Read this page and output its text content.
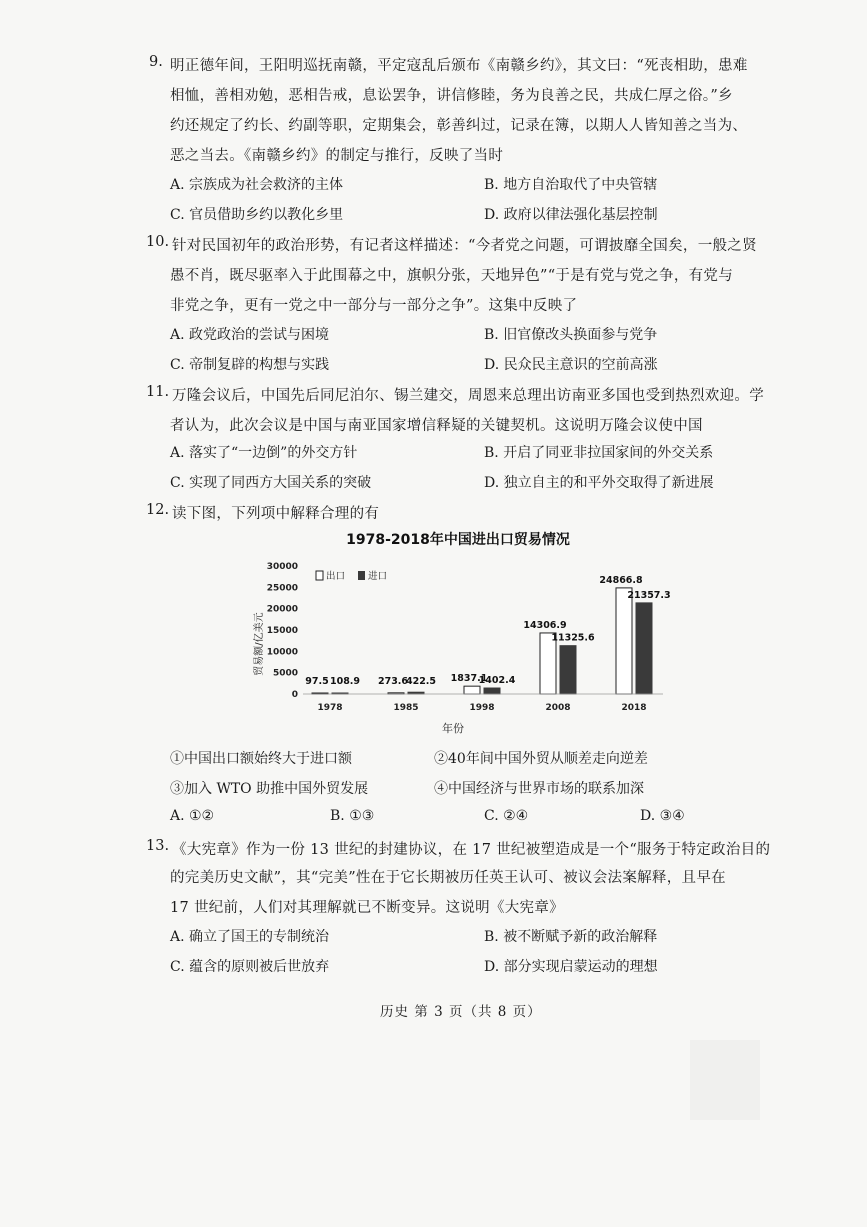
9. 明正德年间，王阳明巡抚南赣，平定寇乱后颁布《南赣乡约》，其文曰：“死丧相助，患难
相恤，善相劝勉，恶相告戒，息讼罢争，讲信修睦，务为良善之民，共成仁厚之俗。”乡
约还规定了约长、约副等职，定期集会，彰善纠过，记录在簿，以期人人皆知善之当为、
恶之当去。《南赣乡约》的制定与推行，反映了当时
A. 宗族成为社会救济的主体	B. 地方自治取代了中央管辖
C. 官员借助乡约以教化乡里	D. 政府以律法强化基层控制
10. 针对民国初年的政治形势，有记者这样描述：“今者党之问题，可谓披靡全国矣，一般之贤
愚不肖，既尽驱率入于此围幕之中，旗帜分张，天地异色”“于是有党与党之争，有党与
非党之争，更有一党之中一部分与一部分之争”。这集中反映了
A. 政党政治的尝试与困境	B. 旧官僚改头换面参与党争
C. 帝制复辟的构想与实践	D. 民众民主意识的空前高涨
11. 万隆会议后，中国先后同尼泊尔、锡兰建交，周恩来总理出访南亚多国也受到热烈欢迎。学
者认为，此次会议是中国与南亚国家增信释疑的关键契机。这说明万隆会议使中国
A. 落实了“一边倒”的外交方针	B. 开启了同亚非拉国家间的外交关系
C. 实现了同西方大国关系的突破	D. 独立自主的和平外交取得了新进展
12. 读下图，下列项中解释合理的有
1978-2018年中国进出口贸易情况
贸易额/亿美元
0
5000
10000
15000
20000
25000
30000
97.5	273.6	1837.1
14306.9
24866.8
108.9	422.5	1402.4
11325.6
21357.3
1978	1985	1998	2008	2018
出口 进口
年份
①中国出口额始终大于进口额	②40年间中国外贸从顺差走向逆差
③加入 WTO 助推中国外贸发展	④中国经济与世界市场的联系加深
A. ①②	B. ①③	C. ②④	D. ③④
13. 《大宪章》作为一份 13 世纪的封建协议，在 17 世纪被塑造成是一个“服务于特定政治目的
的完美历史文献”，其“完美”性在于它长期被历任英王认可、被议会法案解释，且早在
17 世纪前，人们对其理解就已不断变异。这说明《大宪章》
A. 确立了国王的专制统治	B. 被不断赋予新的政治解释
C. 蕴含的原则被后世放弃	D. 部分实现启蒙运动的理想
历史 第 3 页（共 8 页）
